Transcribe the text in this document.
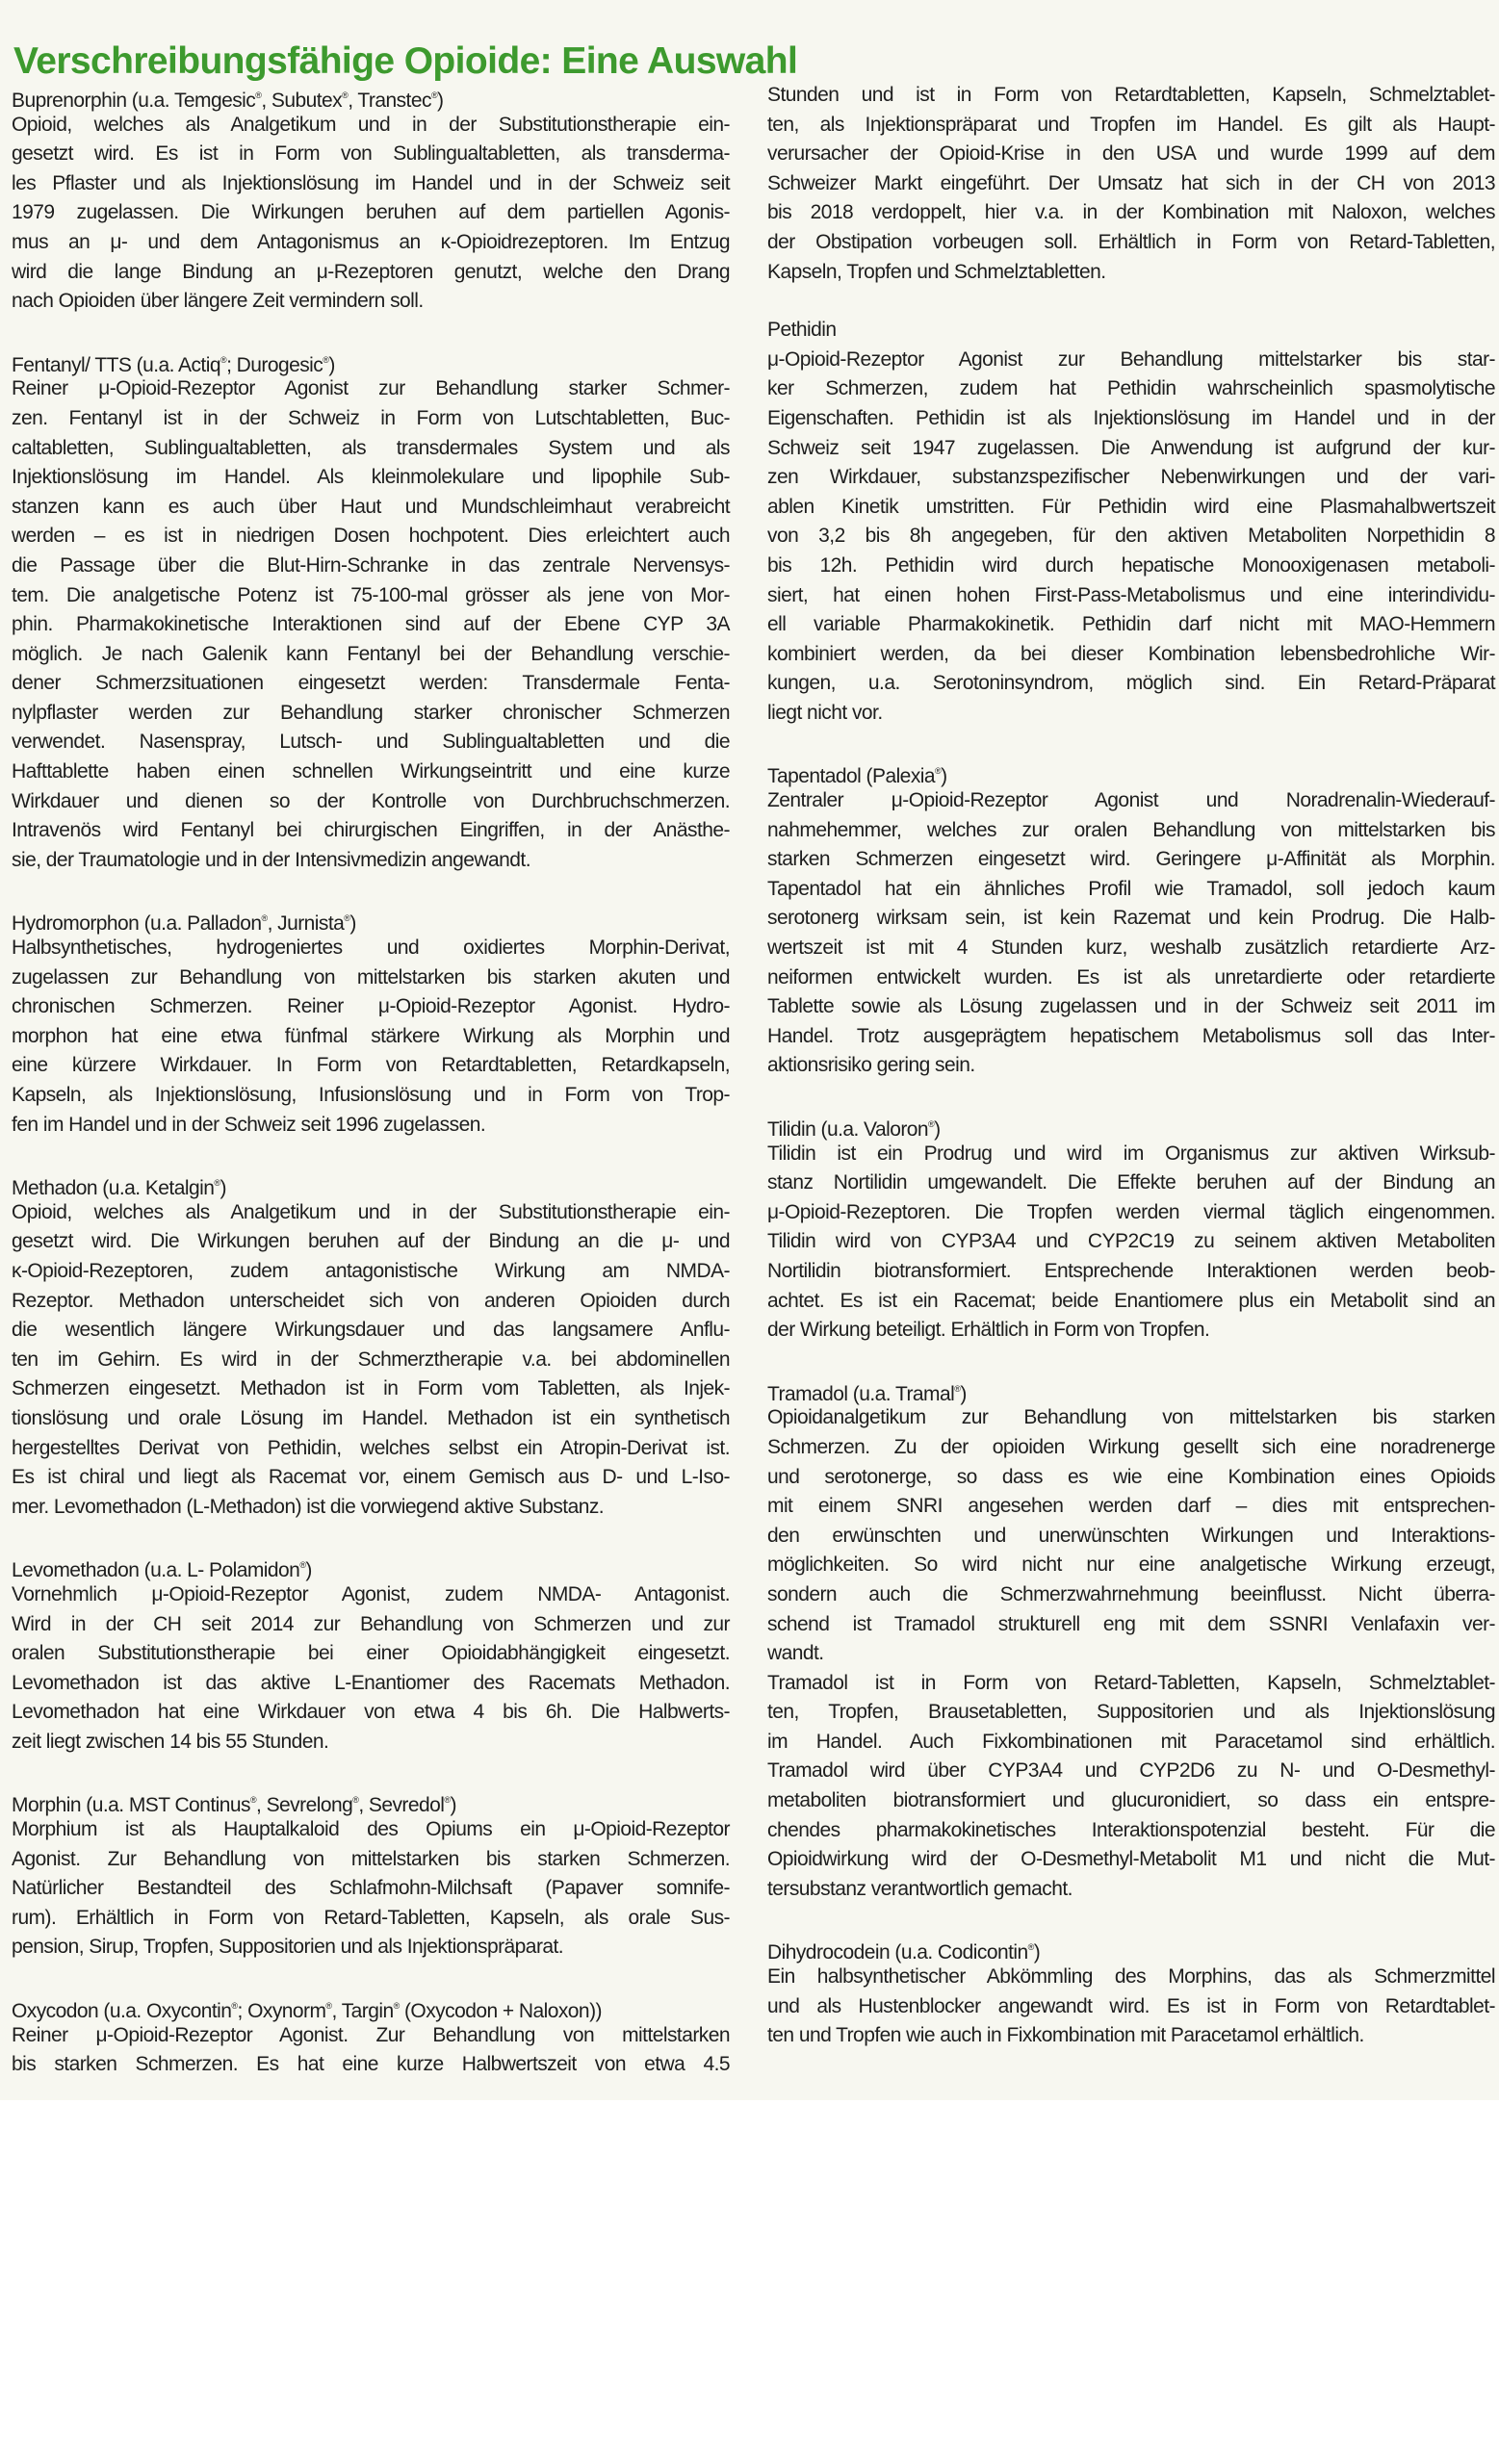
Verschreibungsfähige Opioide: Eine Auswahl
Buprenorphin (u.a. Temgesic®, Subutex®, Transtec®)
Opioid, welches als Analgetikum und in der Substitutionstherapie ein-
gesetzt wird. Es ist in Form von Sublingualtabletten, als transderma-
les Pflaster und als Injektionslösung im Handel und in der Schweiz seit
1979 zugelassen. Die Wirkungen beruhen auf dem partiellen Agonis-
mus an μ- und dem Antagonismus an κ-Opioidrezeptoren. Im Entzug
wird die lange Bindung an μ-Rezeptoren genutzt, welche den Drang
nach Opioiden über längere Zeit vermindern soll.
Fentanyl/ TTS (u.a. Actiq®; Durogesic®)
Reiner μ-Opioid-Rezeptor Agonist zur Behandlung starker Schmer-
zen. Fentanyl ist in der Schweiz in Form von Lutschtabletten, Buc-
caltabletten, Sublingualtabletten, als transdermales System und als
Injektionslösung im Handel. Als kleinmolekulare und lipophile Sub-
stanzen kann es auch über Haut und Mundschleimhaut verabreicht
werden – es ist in niedrigen Dosen hochpotent. Dies erleichtert auch
die Passage über die Blut-Hirn-Schranke in das zentrale Nervensys-
tem. Die analgetische Potenz ist 75-100-mal grösser als jene von Mor-
phin. Pharmakokinetische Interaktionen sind auf der Ebene CYP 3A
möglich. Je nach Galenik kann Fentanyl bei der Behandlung verschie-
dener Schmerzsituationen eingesetzt werden: Transdermale Fenta-
nylpflaster werden zur Behandlung starker chronischer Schmerzen
verwendet. Nasenspray, Lutsch- und Sublingualtabletten und die
Hafttablette haben einen schnellen Wirkungseintritt und eine kurze
Wirkdauer und dienen so der Kontrolle von Durchbruchschmerzen.
Intravenös wird Fentanyl bei chirurgischen Eingriffen, in der Anästhe-
sie, der Traumatologie und in der Intensivmedizin angewandt.
Hydromorphon (u.a. Palladon®, Jurnista®)
Halbsynthetisches, hydrogeniertes und oxidiertes Morphin-Derivat,
zugelassen zur Behandlung von mittelstarken bis starken akuten und
chronischen Schmerzen. Reiner μ-Opioid-Rezeptor Agonist. Hydro-
morphon hat eine etwa fünfmal stärkere Wirkung als Morphin und
eine kürzere Wirkdauer. In Form von Retardtabletten, Retardkapseln,
Kapseln, als Injektionslösung, Infusionslösung und in Form von Trop-
fen im Handel und in der Schweiz seit 1996 zugelassen.
Methadon (u.a. Ketalgin®)
Opioid, welches als Analgetikum und in der Substitutionstherapie ein-
gesetzt wird. Die Wirkungen beruhen auf der Bindung an die μ- und
κ-Opioid-Rezeptoren, zudem antagonistische Wirkung am NMDA-
Rezeptor. Methadon unterscheidet sich von anderen Opioiden durch
die wesentlich längere Wirkungsdauer und das langsamere Anflu-
ten im Gehirn. Es wird in der Schmerztherapie v.a. bei abdominellen
Schmerzen eingesetzt. Methadon ist in Form vom Tabletten, als Injek-
tionslösung und orale Lösung im Handel. Methadon ist ein synthetisch
hergestelltes Derivat von Pethidin, welches selbst ein Atropin-Derivat ist.
Es ist chiral und liegt als Racemat vor, einem Gemisch aus D- und L-Iso-
mer. Levomethadon (L-Methadon) ist die vorwiegend aktive Substanz.
Levomethadon (u.a. L- Polamidon®)
Vornehmlich μ-Opioid-Rezeptor Agonist, zudem NMDA- Antagonist.
Wird in der CH seit 2014 zur Behandlung von Schmerzen und zur
oralen Substitutionstherapie bei einer Opioidabhängigkeit eingesetzt.
Levomethadon ist das aktive L-Enantiomer des Racemats Methadon.
Levomethadon hat eine Wirkdauer von etwa 4 bis 6h. Die Halbwerts-
zeit liegt zwischen 14 bis 55 Stunden.
Morphin (u.a. MST Continus®, Sevrelong®, Sevredol®)
Morphium ist als Hauptalkaloid des Opiums ein μ-Opioid-Rezeptor
Agonist. Zur Behandlung von mittelstarken bis starken Schmerzen.
Natürlicher Bestandteil des Schlafmohn-Milchsaft (Papaver somnife-
rum). Erhältlich in Form von Retard-Tabletten, Kapseln, als orale Sus-
pension, Sirup, Tropfen, Suppositorien und als Injektionspräparat.
Oxycodon (u.a. Oxycontin®; Oxynorm®, Targin® (Oxycodon + Naloxon))
Reiner μ-Opioid-Rezeptor Agonist. Zur Behandlung von mittelstarken
bis starken Schmerzen. Es hat eine kurze Halbwertszeit von etwa 4.5
Stunden und ist in Form von Retardtabletten, Kapseln, Schmelztablet-
ten, als Injektionspräparat und Tropfen im Handel. Es gilt als Haupt-
verursacher der Opioid-Krise in den USA und wurde 1999 auf dem
Schweizer Markt eingeführt. Der Umsatz hat sich in der CH von 2013
bis 2018 verdoppelt, hier v.a. in der Kombination mit Naloxon, welches
der Obstipation vorbeugen soll. Erhältlich in Form von Retard-Tabletten,
Kapseln, Tropfen und Schmelztabletten.
Pethidin
μ-Opioid-Rezeptor Agonist zur Behandlung mittelstarker bis star-
ker Schmerzen, zudem hat Pethidin wahrscheinlich spasmolytische
Eigenschaften. Pethidin ist als Injektionslösung im Handel und in der
Schweiz seit 1947 zugelassen. Die Anwendung ist aufgrund der kur-
zen Wirkdauer, substanzspezifischer Nebenwirkungen und der vari-
ablen Kinetik umstritten. Für Pethidin wird eine Plasmahalbwertszeit
von 3,2 bis 8h angegeben, für den aktiven Metaboliten Norpethidin 8
bis 12h. Pethidin wird durch hepatische Monooxigenasen metaboli-
siert, hat einen hohen First-Pass-Metabolismus und eine interindividu-
ell variable Pharmakokinetik. Pethidin darf nicht mit MAO-Hemmern
kombiniert werden, da bei dieser Kombination lebensbedrohliche Wir-
kungen, u.a. Serotoninsyndrom, möglich sind. Ein Retard-Präparat
liegt nicht vor.
Tapentadol (Palexia®)
Zentraler μ-Opioid-Rezeptor Agonist und Noradrenalin-Wiederauf-
nahmehemmer, welches zur oralen Behandlung von mittelstarken bis
starken Schmerzen eingesetzt wird. Geringere μ-Affinität als Morphin.
Tapentadol hat ein ähnliches Profil wie Tramadol, soll jedoch kaum
serotonerg wirksam sein, ist kein Razemat und kein Prodrug. Die Halb-
wertszeit ist mit 4 Stunden kurz, weshalb zusätzlich retardierte Arz-
neiformen entwickelt wurden. Es ist als unretardierte oder retardierte
Tablette sowie als Lösung zugelassen und in der Schweiz seit 2011 im
Handel. Trotz ausgeprägtem hepatischem Metabolismus soll das Inter-
aktionsrisiko gering sein.
Tilidin (u.a. Valoron®)
Tilidin ist ein Prodrug und wird im Organismus zur aktiven Wirksub-
stanz Nortilidin umgewandelt. Die Effekte beruhen auf der Bindung an
μ-Opioid-Rezeptoren. Die Tropfen werden viermal täglich eingenommen.
Tilidin wird von CYP3A4 und CYP2C19 zu seinem aktiven Metaboliten
Nortilidin biotransformiert. Entsprechende Interaktionen werden beob-
achtet. Es ist ein Racemat; beide Enantiomere plus ein Metabolit sind an
der Wirkung beteiligt. Erhältlich in Form von Tropfen.
Tramadol (u.a. Tramal®)
Opioidanalgetikum zur Behandlung von mittelstarken bis starken
Schmerzen. Zu der opioiden Wirkung gesellt sich eine noradrenerge
und serotonerge, so dass es wie eine Kombination eines Opioids
mit einem SNRI angesehen werden darf – dies mit entsprechen-
den erwünschten und unerwünschten Wirkungen und Interaktions-
möglichkeiten. So wird nicht nur eine analgetische Wirkung erzeugt,
sondern auch die Schmerzwahrnehmung beeinflusst. Nicht überra-
schend ist Tramadol strukturell eng mit dem SSNRI Venlafaxin ver-
wandt.
Tramadol ist in Form von Retard-Tabletten, Kapseln, Schmelztablet-
ten, Tropfen, Brausetabletten, Suppositorien und als Injektionslösung
im Handel. Auch Fixkombinationen mit Paracetamol sind erhältlich.
Tramadol wird über CYP3A4 und CYP2D6 zu N- und O-Desmethyl-
metaboliten biotransformiert und glucuronidiert, so dass ein entspre-
chendes pharmakokinetisches Interaktionspotenzial besteht. Für die
Opioidwirkung wird der O-Desmethyl-Metabolit M1 und nicht die Mut-
tersubstanz verantwortlich gemacht.
Dihydrocodein (u.a. Codicontin®)
Ein halbsynthetischer Abkömmling des Morphins, das als Schmerzmittel
und als Hustenblocker angewandt wird. Es ist in Form von Retardtablet-
ten und Tropfen wie auch in Fixkombination mit Paracetamol erhältlich.
